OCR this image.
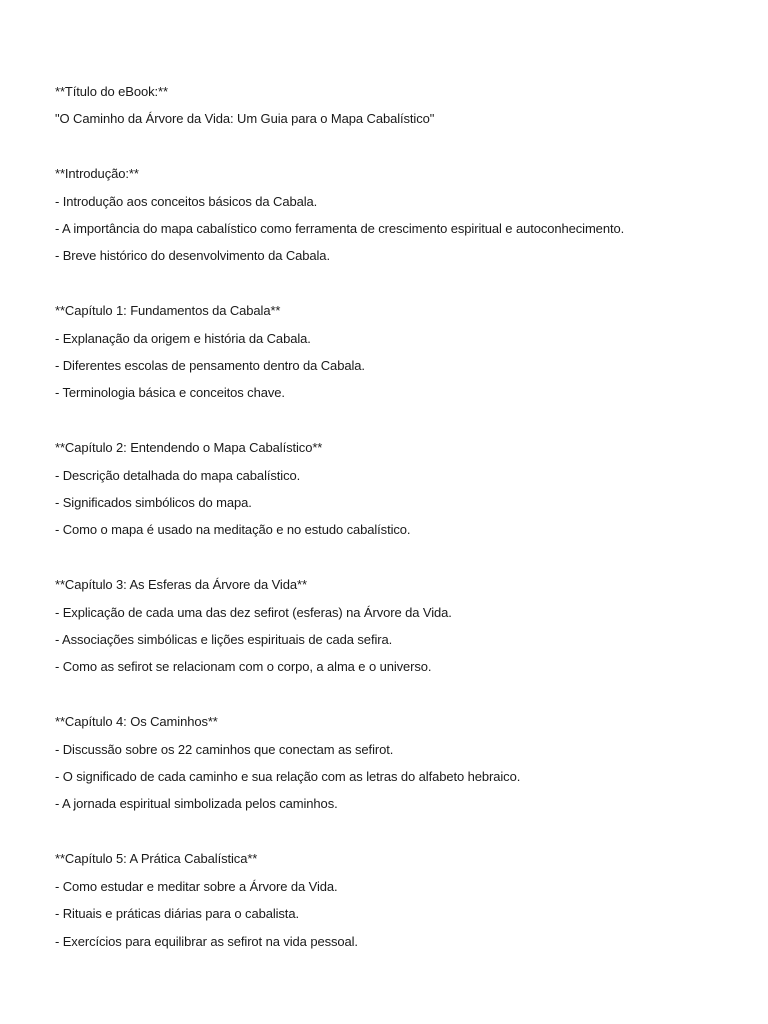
**Título do eBook:**
"O Caminho da Árvore da Vida: Um Guia para o Mapa Cabalístico"
**Introdução:**
- Introdução aos conceitos básicos da Cabala.
- A importância do mapa cabalístico como ferramenta de crescimento espiritual e autoconhecimento.
- Breve histórico do desenvolvimento da Cabala.
**Capítulo 1: Fundamentos da Cabala**
- Explanação da origem e história da Cabala.
- Diferentes escolas de pensamento dentro da Cabala.
- Terminologia básica e conceitos chave.
**Capítulo 2: Entendendo o Mapa Cabalístico**
- Descrição detalhada do mapa cabalístico.
- Significados simbólicos do mapa.
- Como o mapa é usado na meditação e no estudo cabalístico.
**Capítulo 3: As Esferas da Árvore da Vida**
- Explicação de cada uma das dez sefirot (esferas) na Árvore da Vida.
- Associações simbólicas e lições espirituais de cada sefira.
- Como as sefirot se relacionam com o corpo, a alma e o universo.
**Capítulo 4: Os Caminhos**
- Discussão sobre os 22 caminhos que conectam as sefirot.
- O significado de cada caminho e sua relação com as letras do alfabeto hebraico.
- A jornada espiritual simbolizada pelos caminhos.
**Capítulo 5: A Prática Cabalística**
- Como estudar e meditar sobre a Árvore da Vida.
- Rituais e práticas diárias para o cabalista.
- Exercícios para equilibrar as sefirot na vida pessoal.
